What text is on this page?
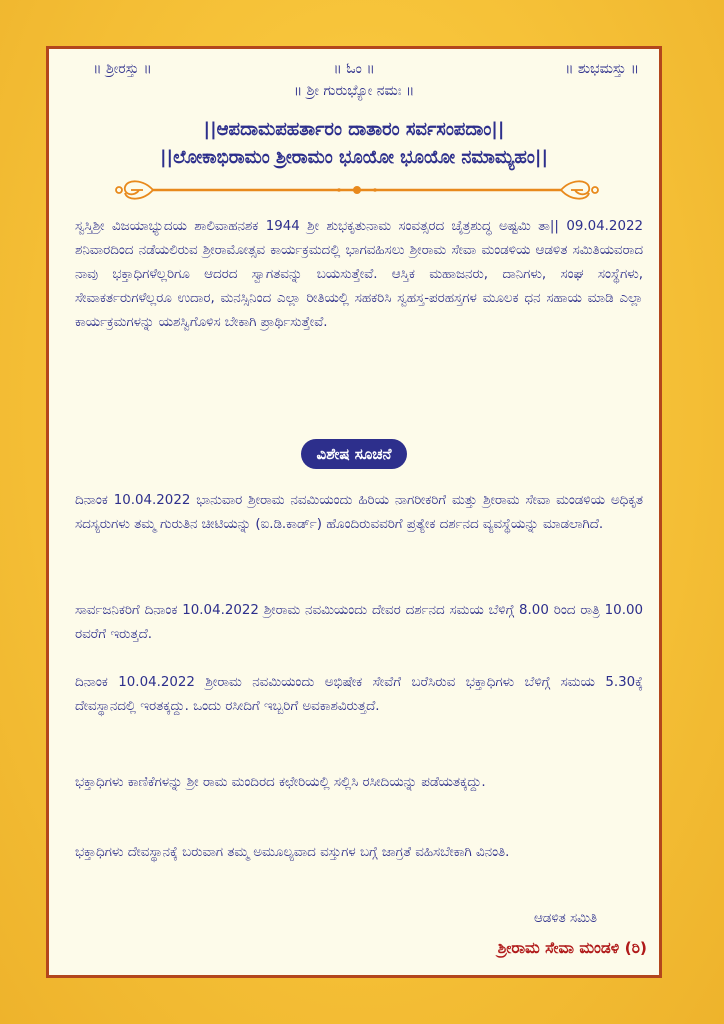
॥ ಶ್ರೀರಸ್ತು ॥	॥ ಓಂ ॥	॥ ಶುಭಮಸ್ತು ॥
॥ ಶ್ರೀ ಗುರುಭ್ಯೋ ನಮಃ ॥
||ಆಪದಾಮಪಹರ್ತಾರಂ ದಾತಾರಂ ಸರ್ವಸಂಪದಾಂ||
||ಲೋಕಾಭಿರಾಮಂ ಶ್ರೀರಾಮಂ ಭೂಯೋ ಭೂಯೋ ನಮಾಮ್ಯಹಂ||
ಸ್ವಸ್ತಿಶ್ರೀ ವಿಜಯಾಭ್ಯುದಯ ಶಾಲಿವಾಹನಶಕ 1944 ಶ್ರೀ ಶುಭಕೃತುನಾಮ ಸಂವತ್ಸರದ ಚೈತ್ರಶುದ್ಧ ಅಷ್ಟಮಿ ತಾ|| 09.04.2022 ಶನಿವಾರದಿಂದ ನಡೆಯಲಿರುವ ಶ್ರೀರಾಮೋತ್ಸವ ಕಾರ್ಯಕ್ರಮದಲ್ಲಿ ಭಾಗವಹಿಸಲು ಶ್ರೀರಾಮ ಸೇವಾ ಮಂಡಳಿಯ ಆಡಳಿತ ಸಮಿತಿಯವರಾದ ನಾವು ಭಕ್ತಾಧಿಗಳೆಲ್ಲರಿಗೂ ಆದರದ ಸ್ವಾಗತವನ್ನು ಬಯಸುತ್ತೇವೆ. ಆಸ್ತಿಕ ಮಹಾಜನರು, ದಾನಿಗಳು, ಸಂಘ ಸಂಸ್ಥೆಗಳು, ಸೇವಾಕರ್ತರುಗಳೆಲ್ಲರೂ ಉದಾರ, ಮನಸ್ಸಿನಿಂದ ಎಲ್ಲಾ ರೀತಿಯಲ್ಲಿ ಸಹಕರಿಸಿ ಸ್ವಹಸ್ತ-ಪರಹಸ್ತಗಳ ಮೂಲಕ ಧನ ಸಹಾಯ ಮಾಡಿ ಎಲ್ಲಾ ಕಾರ್ಯಕ್ರಮಗಳನ್ನು ಯಶಸ್ವಿಗೊಳಿಸ ಬೇಕಾಗಿ ಪ್ರಾರ್ಥಿಸುತ್ತೇವೆ.
ವಿಶೇಷ ಸೂಚನೆ
ದಿನಾಂಕ 10.04.2022 ಭಾನುವಾರ ಶ್ರೀರಾಮ ನವಮಿಯಂದು ಹಿರಿಯ ನಾಗರೀಕರಿಗೆ ಮತ್ತು ಶ್ರೀರಾಮ ಸೇವಾ ಮಂಡಳಿಯ ಅಧಿಕೃತ ಸದಸ್ಯರುಗಳು ತಮ್ಮ ಗುರುತಿನ ಚೀಟಿಯನ್ನು (ಐ.ಡಿ.ಕಾರ್ಡ್) ಹೊಂದಿರುವವರಿಗೆ ಪ್ರತ್ಯೇಕ ದರ್ಶನದ ವ್ಯವಸ್ಥೆಯನ್ನು ಮಾಡಲಾಗಿದೆ.
ಸಾರ್ವಜನಿಕರಿಗೆ ದಿನಾಂಕ 10.04.2022 ಶ್ರೀರಾಮ ನವಮಿಯಂದು ದೇವರ ದರ್ಶನದ ಸಮಯ ಬೆಳಿಗ್ಗೆ 8.00 ರಿಂದ ರಾತ್ರಿ 10.00 ರವರೆಗೆ ಇರುತ್ತದೆ.
ದಿನಾಂಕ 10.04.2022 ಶ್ರೀರಾಮ ನವಮಿಯಂದು ಅಭಿಷೇಕ ಸೇವೆಗೆ ಬರೆಸಿರುವ ಭಕ್ತಾಧಿಗಳು ಬೆಳಿಗ್ಗೆ ಸಮಯ 5.30ಕ್ಕೆ ದೇವಸ್ಥಾನದಲ್ಲಿ ಇರತಕ್ಕದ್ದು. ಒಂದು ರಸೀದಿಗೆ ಇಬ್ಬರಿಗೆ ಅವಕಾಶವಿರುತ್ತದೆ.
ಭಕ್ತಾಧಿಗಳು ಕಾಣಿಕೆಗಳನ್ನು ಶ್ರೀ ರಾಮ ಮಂದಿರದ ಕಛೇರಿಯಲ್ಲಿ ಸಲ್ಲಿಸಿ ರಸೀದಿಯನ್ನು ಪಡೆಯತಕ್ಕದ್ದು.
ಭಕ್ತಾಧಿಗಳು ದೇವಸ್ಥಾನಕ್ಕೆ ಬರುವಾಗ ತಮ್ಮ ಅಮೂಲ್ಯವಾದ ವಸ್ತುಗಳ ಬಗ್ಗೆ ಜಾಗ್ರತೆ ವಹಿಸಬೇಕಾಗಿ ವಿನಂತಿ.
ಆಡಳಿತ ಸಮಿತಿ
ಶ್ರೀರಾಮ ಸೇವಾ ಮಂಡಳಿ (ರಿ)
